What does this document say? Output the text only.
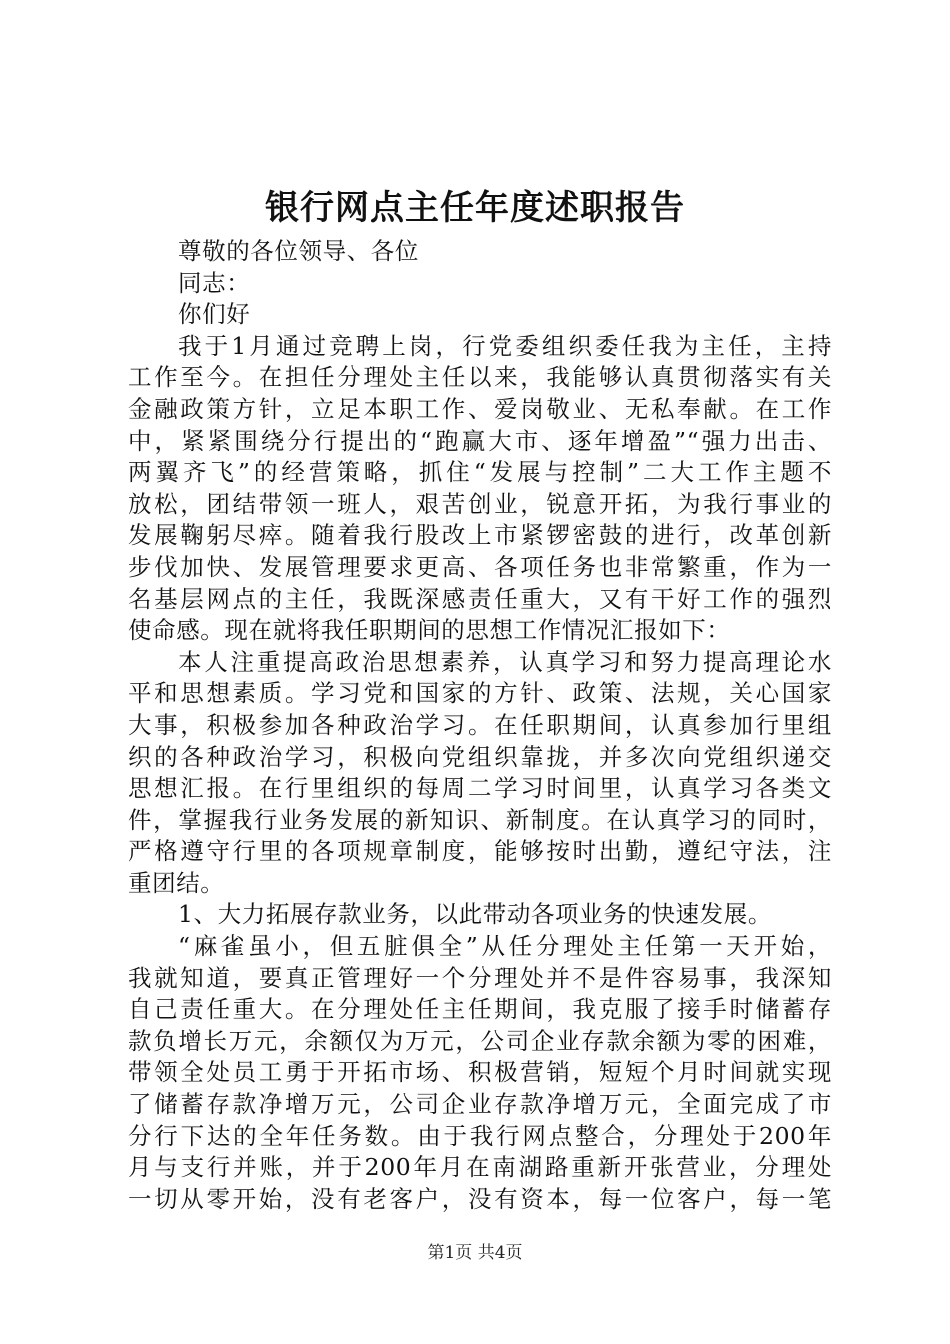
银行网点主任年度述职报告
尊敬的各位领导、各位
同志：
你们好
我于1月通过竞聘上岗，行党委组织委任我为主任，主持
工作至今。在担任分理处主任以来，我能够认真贯彻落实有关
金融政策方针，立足本职工作、爱岗敬业、无私奉献。在工作
中，紧紧围绕分行提出的“跑赢大市、逐年增盈”“强力出击、
两翼齐飞”的经营策略，抓住“发展与控制”二大工作主题不
放松，团结带领一班人，艰苦创业，锐意开拓，为我行事业的
发展鞠躬尽瘁。随着我行股改上市紧锣密鼓的进行，改革创新
步伐加快、发展管理要求更高、各项任务也非常繁重，作为一
名基层网点的主任，我既深感责任重大，又有干好工作的强烈
使命感。现在就将我任职期间的思想工作情况汇报如下：
本人注重提高政治思想素养，认真学习和努力提高理论水
平和思想素质。学习党和国家的方针、政策、法规，关心国家
大事，积极参加各种政治学习。在任职期间，认真参加行里组
织的各种政治学习，积极向党组织靠拢，并多次向党组织递交
思想汇报。在行里组织的每周二学习时间里，认真学习各类文
件，掌握我行业务发展的新知识、新制度。在认真学习的同时，
严格遵守行里的各项规章制度，能够按时出勤，遵纪守法，注
重团结。
1、大力拓展存款业务，以此带动各项业务的快速发展。
“麻雀虽小，但五脏俱全”从任分理处主任第一天开始，
我就知道，要真正管理好一个分理处并不是件容易事，我深知
自己责任重大。在分理处任主任期间，我克服了接手时储蓄存
款负增长万元，余额仅为万元，公司企业存款余额为零的困难，
带领全处员工勇于开拓市场、积极营销，短短个月时间就实现
了储蓄存款净增万元，公司企业存款净增万元，全面完成了市
分行下达的全年任务数。由于我行网点整合，分理处于200年
月与支行并账，并于200年月在南湖路重新开张营业，分理处
一切从零开始，没有老客户，没有资本，每一位客户，每一笔
第1页 共4页
